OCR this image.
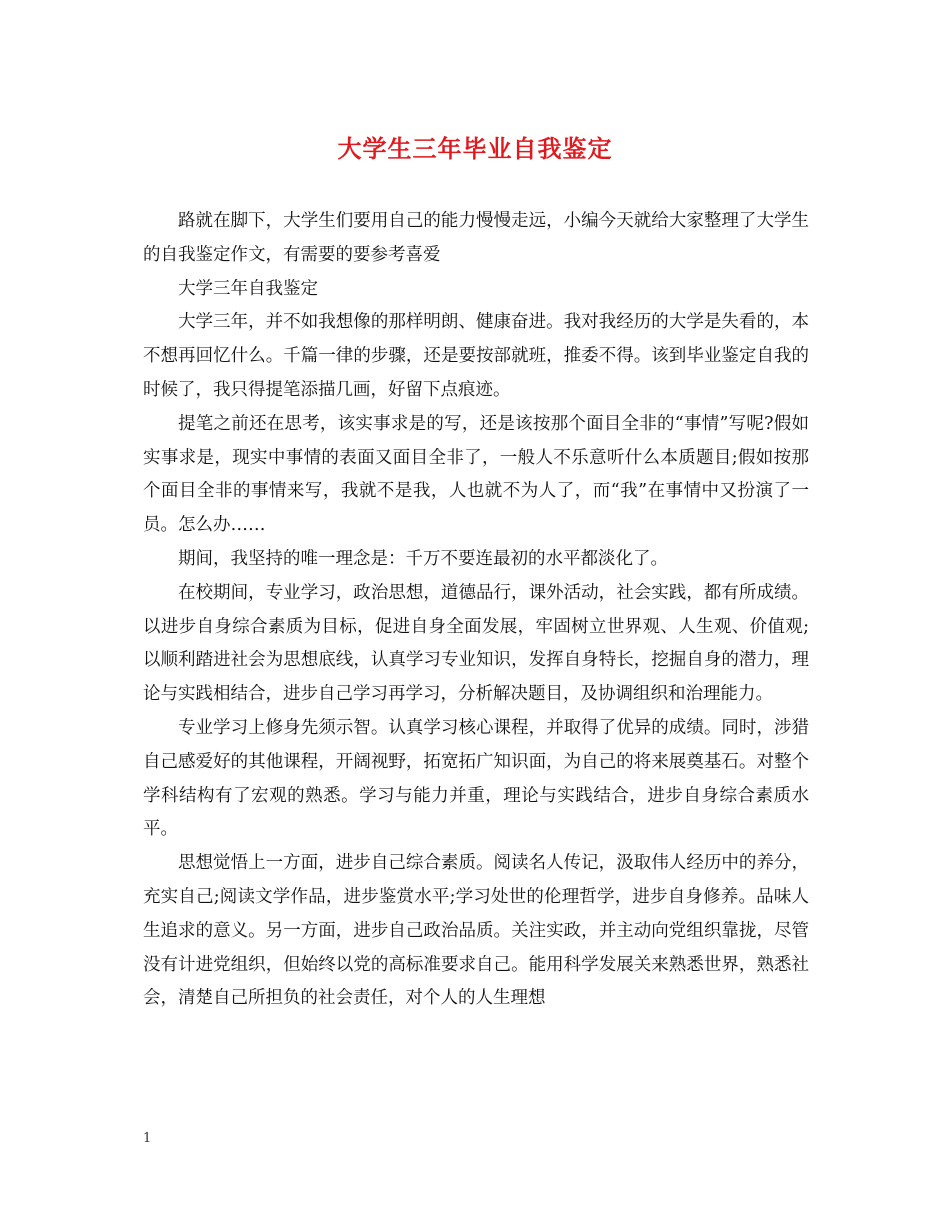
大学生三年毕业自我鉴定

路就在脚下，大学生们要用自己的能力慢慢走远，小编今天就给大家整理了大学生的自我鉴定作文，有需要的要参考喜爱

大学三年自我鉴定

大学三年，并不如我想像的那样明朗、健康奋进。我对我经历的大学是失看的，本不想再回忆什么。千篇一律的步骤，还是要按部就班，推委不得。该到毕业鉴定自我的时候了，我只得提笔添描几画，好留下点痕迹。

提笔之前还在思考，该实事求是的写，还是该按那个面目全非的“事情”写呢?假如实事求是，现实中事情的表面又面目全非了，一般人不乐意听什么本质题目;假如按那个面目全非的事情来写，我就不是我，人也就不为人了，而“我”在事情中又扮演了一员。怎么办……

期间，我坚持的唯一理念是：千万不要连最初的水平都淡化了。

在校期间，专业学习，政治思想，道德品行，课外活动，社会实践，都有所成绩。以进步自身综合素质为目标，促进自身全面发展，牢固树立世界观、人生观、价值观;以顺利踏进社会为思想底线，认真学习专业知识，发挥自身特长，挖掘自身的潜力，理论与实践相结合，进步自己学习再学习，分析解决题目，及协调组织和治理能力。

专业学习上修身先须示智。认真学习核心课程，并取得了优异的成绩。同时，涉猎自己感爱好的其他课程，开阔视野，拓宽拓广知识面，为自己的将来展奠基石。对整个学科结构有了宏观的熟悉。学习与能力并重，理论与实践结合，进步自身综合素质水平。

思想觉悟上一方面，进步自己综合素质。阅读名人传记，汲取伟人经历中的养分，充实自己;阅读文学作品，进步鉴赏水平;学习处世的伦理哲学，进步自身修养。品味人生追求的意义。另一方面，进步自己政治品质。关注实政，并主动向党组织靠拢，尽管没有计进党组织，但始终以党的高标准要求自己。能用科学发展关来熟悉世界，熟悉社会，清楚自己所担负的社会责任，对个人的人生理想

1
